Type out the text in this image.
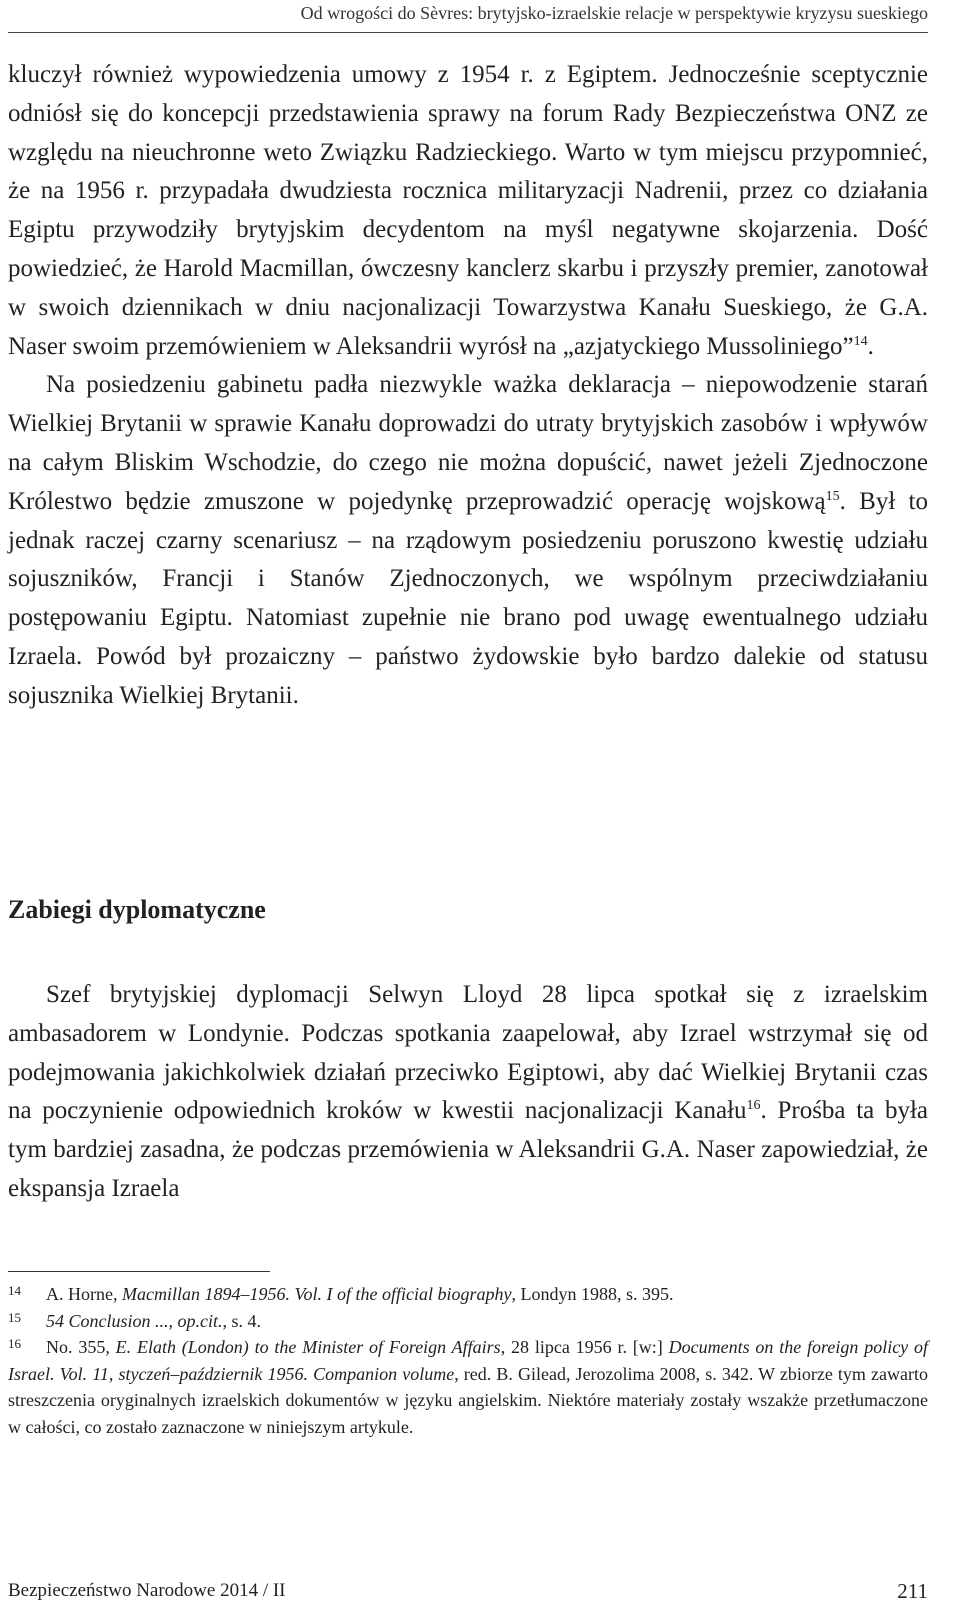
Od wrogości do Sèvres: brytyjsko-izraelskie relacje w perspektywie kryzysu sueskiego

kluczył również wypowiedzenia umowy z 1954 r. z Egiptem. Jednocześnie sceptycznie odniósł się do koncepcji przedstawienia sprawy na forum Rady Bezpieczeństwa ONZ ze względu na nieuchronne weto Związku Radzieckiego. Warto w tym miejscu przypomnieć, że na 1956 r. przypadała dwudziesta rocznica militaryzacji Nadrenii, przez co działania Egiptu przywodziły brytyjskim decydentom na myśl negatywne skojarzenia. Dość powiedzieć, że Harold Macmillan, ówczesny kanclerz skarbu i przyszły premier, zanotował w swoich dziennikach w dniu nacjonalizacji Towarzystwa Kanału Sueskiego, że G.A. Naser swoim przemówieniem w Aleksandrii wyrósł na „azjatyckiego Mussoliniego”$^{14}$.

Na posiedzeniu gabinetu padła niezwykle ważka deklaracja – niepowodzenie starań Wielkiej Brytanii w sprawie Kanału doprowadzi do utraty brytyjskich zasobów i wpływów na całym Bliskim Wschodzie, do czego nie można dopuścić, nawet jeżeli Zjednoczone Królestwo będzie zmuszone w pojedynkę przeprowadzić operację wojskową$^{15}$. Był to jednak raczej czarny scenariusz – na rządowym posiedzeniu poruszono kwestię udziału sojuszników, Francji i Stanów Zjednoczonych, we wspólnym przeciwdziałaniu postępowaniu Egiptu. Natomiast zupełnie nie brano pod uwagę ewentualnego udziału Izraela. Powód był prozaiczny – państwo żydowskie było bardzo dalekie od statusu sojusznika Wielkiej Brytanii.

Zabiegi dyplomatyczne

Szef brytyjskiej dyplomacji Selwyn Lloyd 28 lipca spotkał się z izraelskim ambasadorem w Londynie. Podczas spotkania zaapelował, aby Izrael wstrzymał się od podejmowania jakichkolwiek działań przeciwko Egiptowi, aby dać Wielkiej Brytanii czas na poczynienie odpowiednich kroków w kwestii nacjonalizacji Kanału$^{16}$. Prośba ta była tym bardziej zasadna, że podczas przemówienia w Aleksandrii G.A. Naser zapowiedział, że ekspansja Izraela

14 A. Horne, Macmillan 1894–1956. Vol. I of the official biography, Londyn 1988, s. 395.

15 54 Conclusion ..., op.cit., s. 4.

16 No. 355, E. Elath (London) to the Minister of Foreign Affairs, 28 lipca 1956 r. [w:] Documents on the foreign policy of Israel. Vol. 11, styczeń–październik 1956. Companion volume, red. B. Gilead, Jerozolima 2008, s. 342. W zbiorze tym zawarto streszczenia oryginalnych izraelskich dokumentów w języku angielskim. Niektóre materiały zostały wszakże przetłumaczone w całości, co zostało zaznaczone w niniejszym artykule.

Bezpieczeństwo Narodowe 2014 / II	211
